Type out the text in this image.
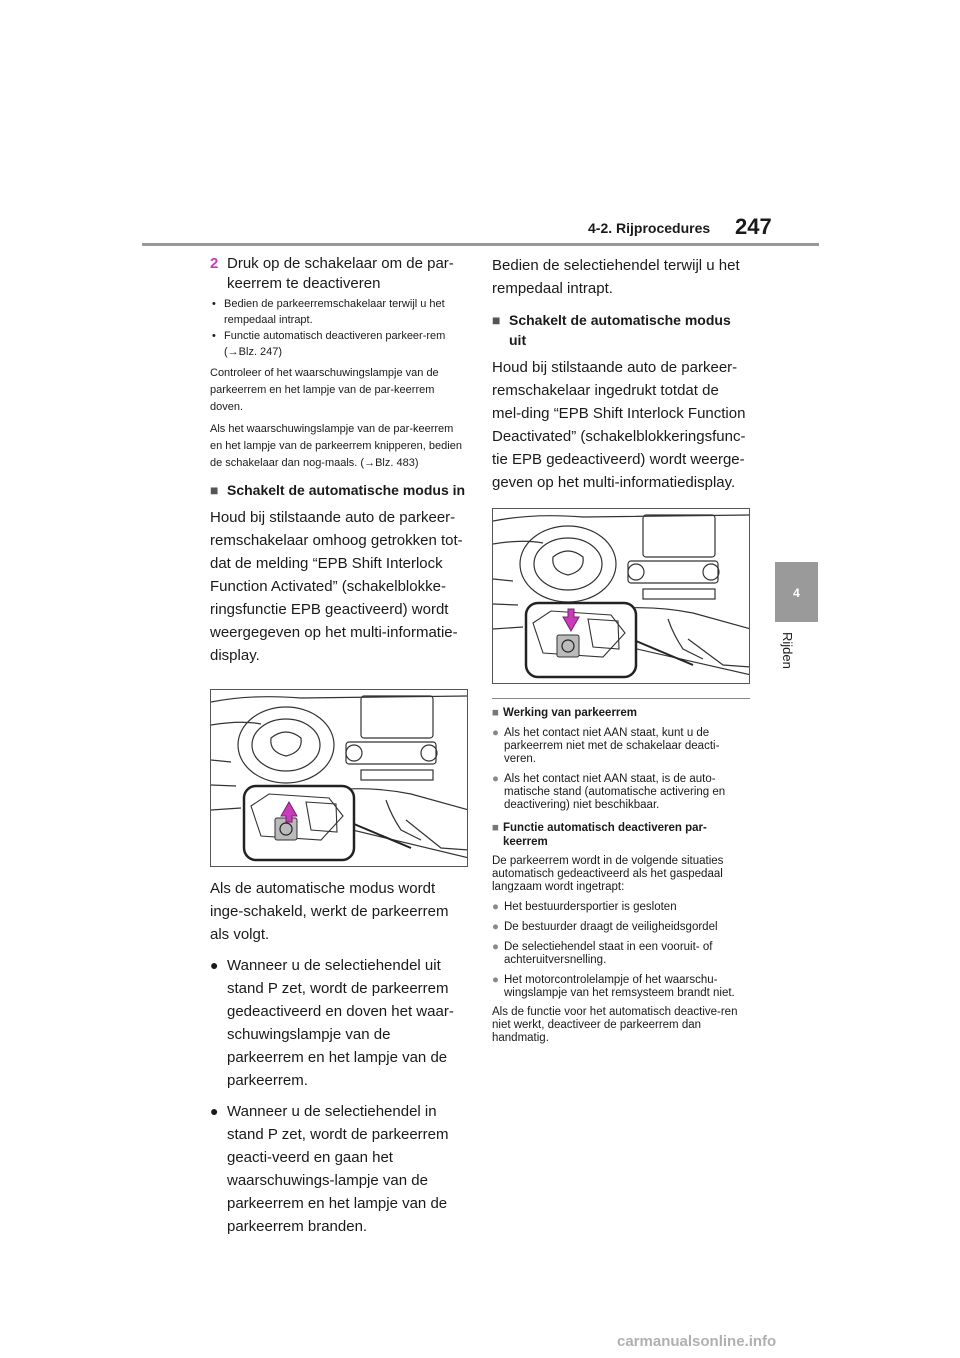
4-2. Rijprocedures 247
4
Rijden
2 Druk op de schakelaar om de par-keerrem te deactiveren
• Bedien de parkeerremschakelaar terwijl u het rempedaal intrapt.
• Functie automatisch deactiveren parkeer-rem (→Blz. 247)

Controleer of het waarschuwingslampje van de parkeerrem en het lampje van de par-keerrem doven.

Als het waarschuwingslampje van de par-keerrem en het lampje van de parkeerrem knipperen, bedien de schakelaar dan nog-maals. (→Blz. 483)

■ Schakelt de automatische modus in

Houd bij stilstaande auto de parkeer-remschakelaar omhoog getrokken tot-dat de melding “EPB Shift Interlock Function Activated” (schakelblokke-ringsfunctie EPB geactiveerd) wordt weergegeven op het multi-informatie-display.

Als de automatische modus wordt inge-schakeld, werkt de parkeerrem als volgt.

● Wanneer u de selectiehendel uit stand P zet, wordt de parkeerrem gedeactiveerd en doven het waar-schuwingslampje van de parkeerrem en het lampje van de parkeerrem.
● Wanneer u de selectiehendel in stand P zet, wordt de parkeerrem geacti-veerd en gaan het waarschuwings-lampje van de parkeerrem en het lampje van de parkeerrem branden.

Bedien de selectiehendel terwijl u het rempedaal intrapt.

■ Schakelt de automatische modus uit

Houd bij stilstaande auto de parkeer-remschakelaar ingedrukt totdat de mel-ding “EPB Shift Interlock Function Deactivated” (schakelblokkeringsfunc-tie EPB gedeactiveerd) wordt weerge-geven op het multi-informatiedisplay.

■ Werking van parkeerrem
● Als het contact niet AAN staat, kunt u de parkeerrem niet met de schakelaar deacti-veren.
● Als het contact niet AAN staat, is de auto-matische stand (automatische activering en deactivering) niet beschikbaar.
■ Functie automatisch deactiveren par-keerrem

De parkeerrem wordt in de volgende situaties automatisch gedeactiveerd als het gaspedaal langzaam wordt ingetrapt:

● Het bestuurdersportier is gesloten
● De bestuurder draagt de veiligheidsgordel
● De selectiehendel staat in een vooruit- of achteruitversnelling.
● Het motorcontrolelampje of het waarschu-wingslampje van het remsysteem brandt niet.

Als de functie voor het automatisch deactive-ren niet werkt, deactiveer de parkeerrem dan handmatig.

carmanualsonline.info
